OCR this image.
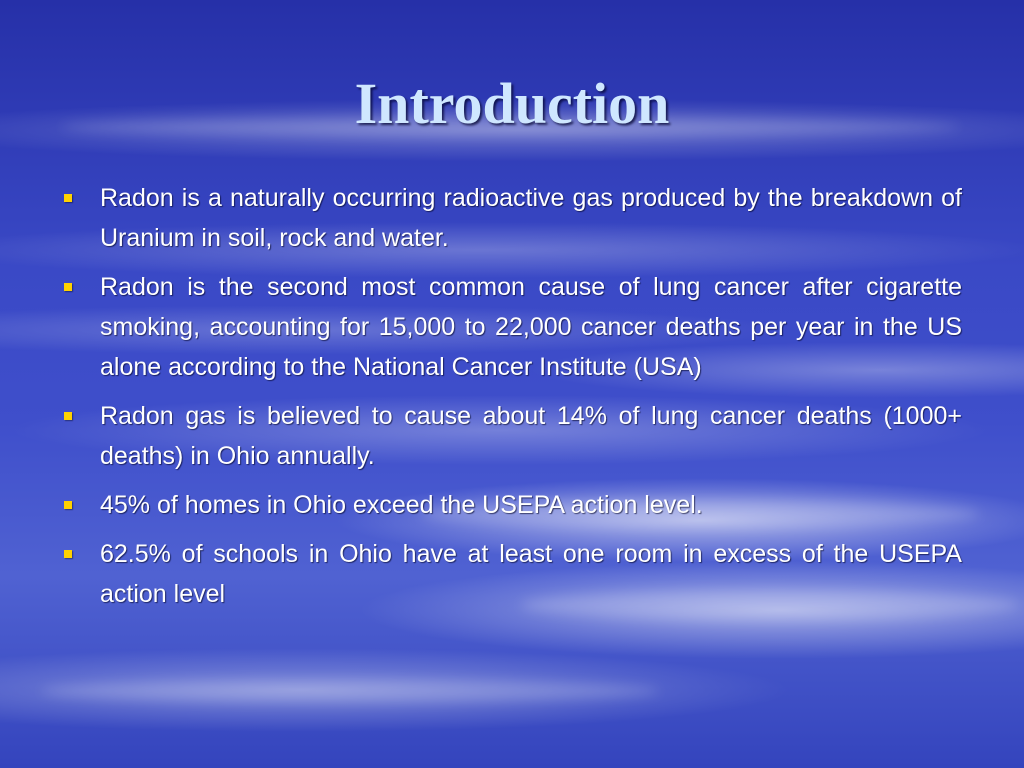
Introduction
Radon is a naturally occurring radioactive gas produced by the breakdown of Uranium in soil, rock and water.
Radon is the second most common cause of lung cancer after cigarette smoking, accounting for 15,000 to 22,000 cancer deaths per year in the US alone according to the National Cancer Institute (USA)
Radon gas is believed to cause about 14% of lung cancer deaths (1000+ deaths) in Ohio annually.
45% of homes in Ohio exceed the USEPA action level.
62.5% of schools in Ohio have at least one room in excess of the USEPA action level
